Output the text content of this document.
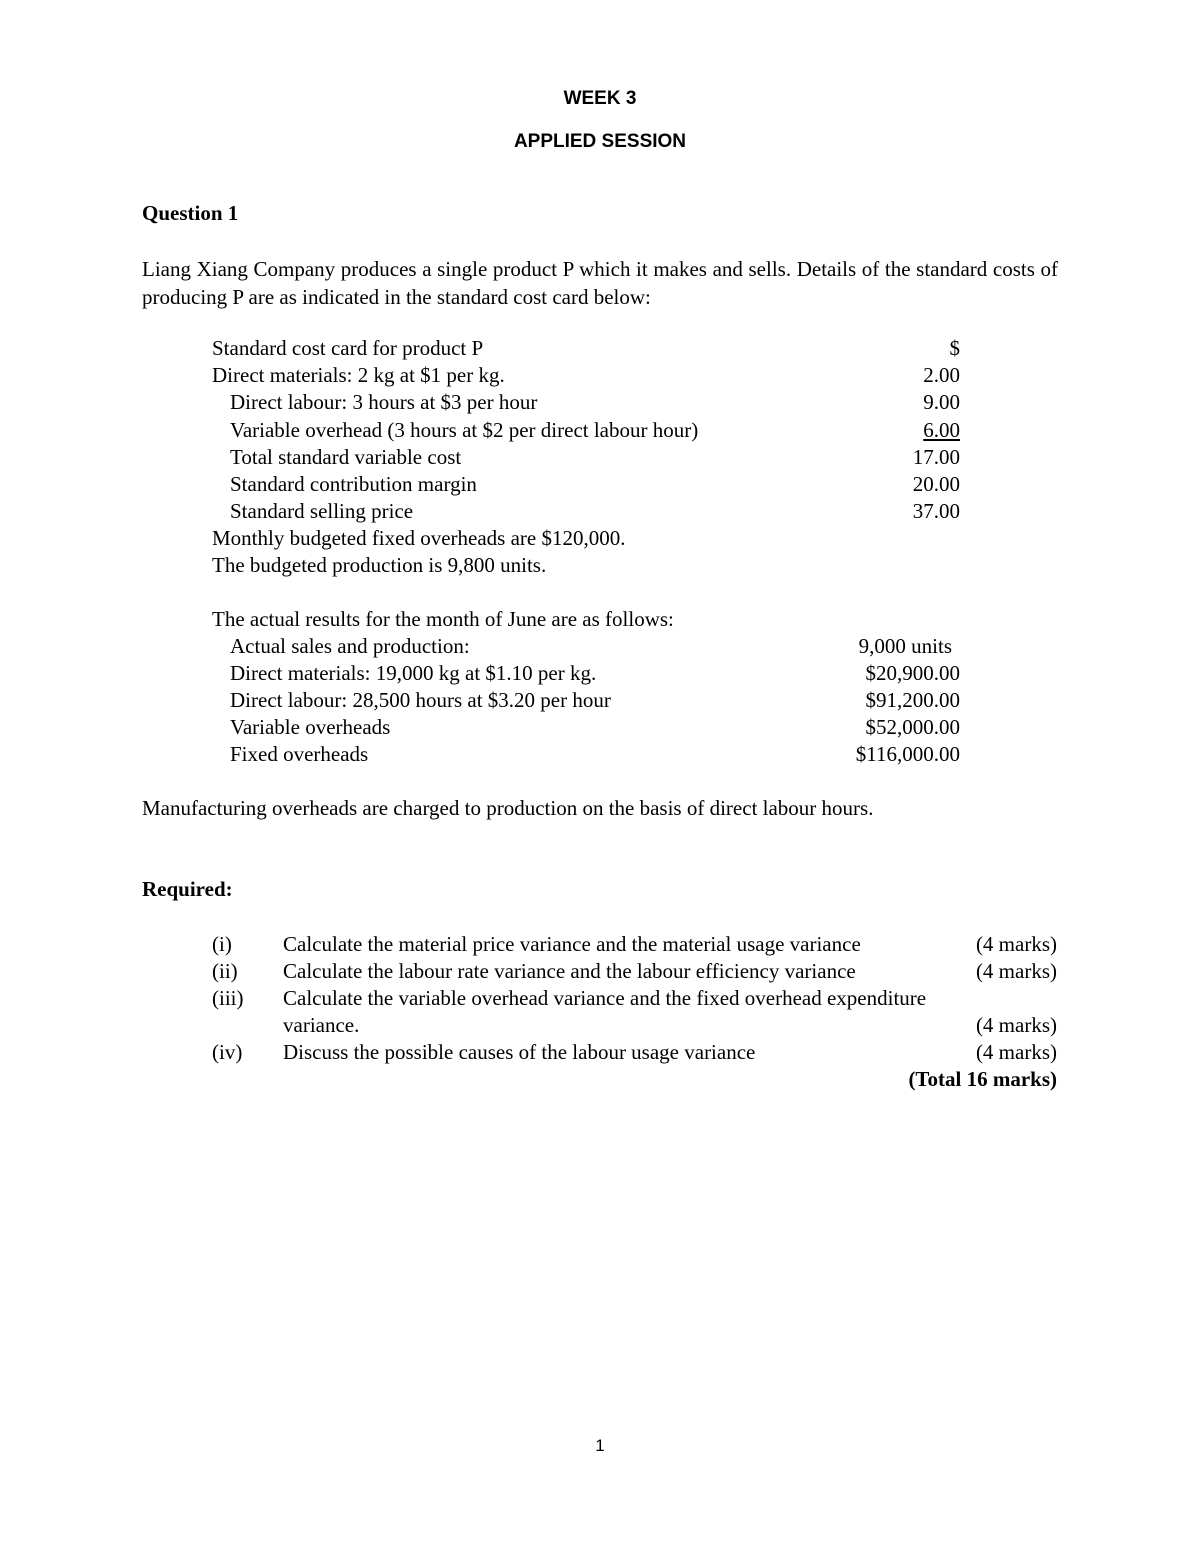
WEEK 3
APPLIED SESSION
Question 1
Liang Xiang Company produces a single product P which it makes and sells. Details of the standard costs of producing P are as indicated in the standard cost card below:
Standard cost card for product P	$
Direct materials: 2 kg at $1 per kg.	2.00
Direct labour: 3 hours at $3 per hour	9.00
Variable overhead (3 hours at $2 per direct labour hour)	6.00
Total standard variable cost	17.00
Standard contribution margin	20.00
Standard selling price	37.00
Monthly budgeted fixed overheads are $120,000.
The budgeted production is 9,800 units.
The actual results for the month of June are as follows:
Actual sales and production:	9,000 units
Direct materials: 19,000 kg at $1.10 per kg.	$20,900.00
Direct labour: 28,500 hours at $3.20 per hour	$91,200.00
Variable overheads	$52,000.00
Fixed overheads	$116,000.00
Manufacturing overheads are charged to production on the basis of direct labour hours.
Required:
(i) Calculate the material price variance and the material usage variance	(4 marks)
(ii) Calculate the labour rate variance and the labour efficiency variance	(4 marks)
(iii) Calculate the variable overhead variance and the fixed overhead expenditure
variance.	(4 marks)
(iv) Discuss the possible causes of the labour usage variance	(4 marks)
(Total 16 marks)
1
